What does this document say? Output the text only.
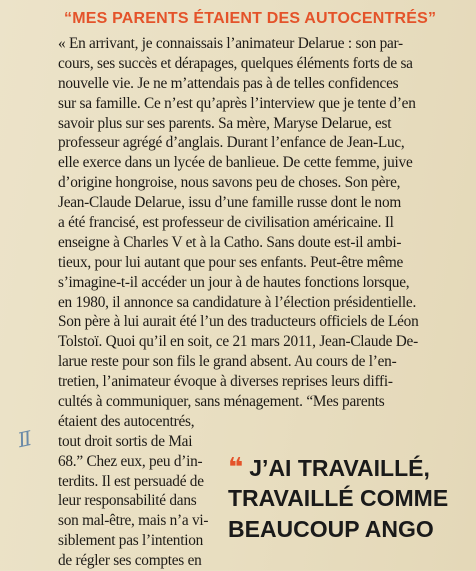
“MES PARENTS ÉTAIENT DES AUTOCENTRÉS”
« En arrivant, je connaissais l’animateur Delarue : son par-
cours, ses succès et dérapages, quelques éléments forts de sa
nouvelle vie. Je ne m’attendais pas à de telles confidences
sur sa famille. Ce n’est qu’après l’interview que je tente d’en
savoir plus sur ses parents. Sa mère, Maryse Delarue, est
professeur agrégé d’anglais. Durant l’enfance de Jean-Luc,
elle exerce dans un lycée de banlieue. De cette femme, juive
d’origine hongroise, nous savons peu de choses. Son père,
Jean-Claude Delarue, issu d’une famille russe dont le nom
a été francisé, est professeur de civilisation américaine. Il
enseigne à Charles V et à la Catho. Sans doute est-il ambi-
tieux, pour lui autant que pour ses enfants. Peut-être même
s’imagine-t-il accéder un jour à de hautes fonctions lorsque,
en 1980, il annonce sa candidature à l’élection présidentielle.
Son père à lui aurait été l’un des traducteurs officiels de Léon
Tolstoï. Quoi qu’il en soit, ce 21 mars 2011, Jean-Claude De-
larue reste pour son fils le grand absent. Au cours de l’en-
tretien, l’animateur évoque à diverses reprises leurs diffi-
cultés à communiquer, sans ménagement. “Mes parents
étaient des autocentrés,
tout droit sortis de Mai
68.” Chez eux, peu d’in-
terdits. Il est persuadé de
leur responsabilité dans
son mal-être, mais n’a vi-
siblement pas l’intention
de régler ses comptes en
Ⅱ
❝ J’AI TRAVAILLÉ,
TRAVAILLÉ COMME
BEAUCOUP ANGO
